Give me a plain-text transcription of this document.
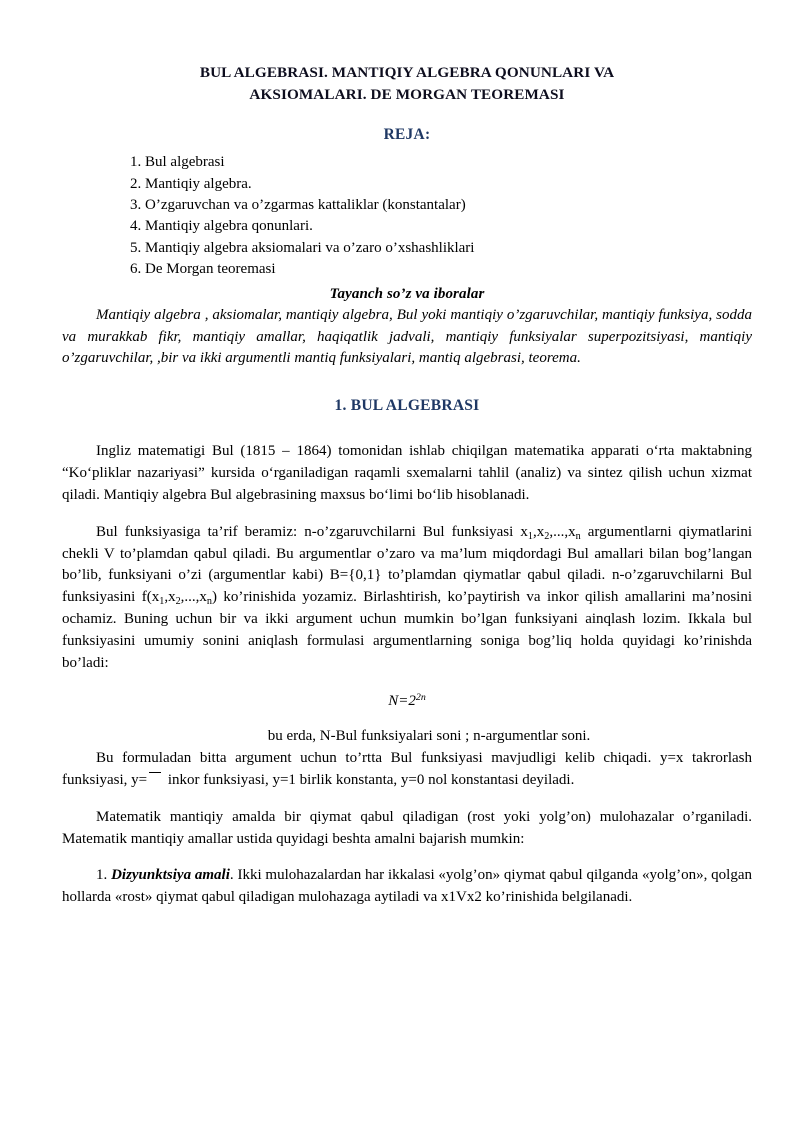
BUL ALGEBRASI. MANTIQIY ALGEBRA QONUNLARI VA
AKSIOMALARI. DE MORGAN TEOREMASI
REJA:
1. Bul algebrasi
2. Mantiqiy algebra.
3. O’zgaruvchan va o’zgarmas kattaliklar (konstantalar)
4. Mantiqiy algebra qonunlari.
5. Mantiqiy algebra aksiomalari va o’zaro o’xshashliklari
6. De Morgan teoremasi
Tayanch so’z va iboralar

Mantiqiy algebra , aksiomalar, mantiqiy algebra, Bul yoki mantiqiy o’zgaruvchilar, mantiqiy funksiya, sodda va murakkab fikr, mantiqiy amallar, haqiqatlik jadvali, mantiqiy funksiyalar superpozitsiyasi, mantiqiy o’zgaruvchilar, ,bir va ikki argumentli mantiq funksiyalari, mantiq algebrasi, teorema.

1. BUL ALGEBRASI

Ingliz matematigi Bul (1815 – 1864) tomonidan ishlab chiqilgan matematika apparati o‘rta maktabning “Ko‘pliklar nazariyasi” kursida o‘rganiladigan raqamli sxemalarni tahlil (analiz) va sintez qilish uchun xizmat qiladi. Mantiqiy algebra Bul algebrasining maxsus bo‘limi bo‘lib hisoblanadi.

Bul funksiyasiga ta’rif beramiz: n-o’zgaruvchilarni Bul funksiyasi $x_1,x_2,...,x_n$ argumentlarni qiymatlarini chekli V to’plamdan qabul qiladi. Bu argumentlar o’zaro va ma’lum miqdordagi Bul amallari bilan bog’langan bo’lib, funksiyani o’zi (argumentlar kabi) B={0,1} to’plamdan qiymatlar qabul qiladi. n-o’zgaruvchilarni Bul funksiyasini $f(x_1,x_2,...,x_n)$ ko’rinishida yozamiz. Birlashtirish, ko’paytirish va inkor qilish amallarini ma’nosini ochamiz. Buning uchun bir va ikki argument uchun mumkin bo’lgan funksiyani ainqlash lozim. Ikkala bul funksiyasini umumiy sonini aniqlash formulasi argumentlarning soniga bog’liq holda quyidagi ko’rinishda bo’ladi:

$N=2^{2n}$
bu erda, N-Bul funksiyalari soni ; n-argumentlar soni.

Bu formuladan bitta argument uchun to’rtta Bul funksiyasi mavjudligi kelib chiqadi. y=x takrorlash funksiyasi, y= inkor funksiyasi, y=1 birlik konstanta, y=0 nol konstantasi deyiladi.

Matematik mantiqiy amalda bir qiymat qabul qiladigan (rost yoki yolg’on) mulohazalar o’rganiladi. Matematik mantiqiy amallar ustida quyidagi beshta amalni bajarish mumkin:

1. Dizyunktsiya amali. Ikki mulohazalardan har ikkalasi «yolg’on» qiymat qabul qilganda «yolg’on», qolgan hollarda «rost» qiymat qabul qiladigan mulohazaga aytiladi va x1Vx2 ko’rinishida belgilanadi.
